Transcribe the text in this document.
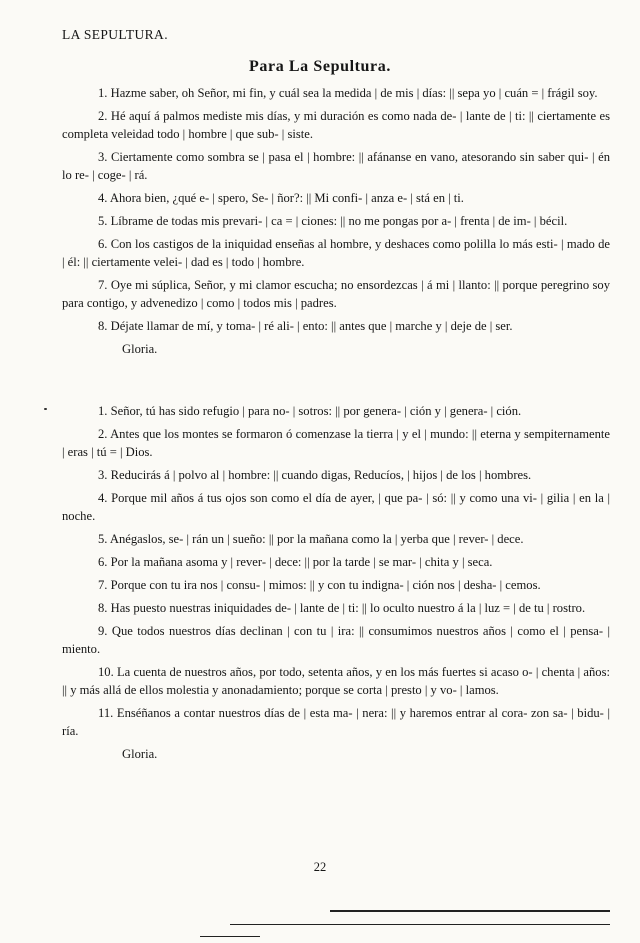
LA SEPULTURA.
Para La Sepultura.

1. Hazme saber, oh Señor, mi fin, y cuál sea la medida | de mis | días: || sepa yo | cuán = | frágil soy.

2. Hé aquí á palmos mediste mis días, y mi duración es como nada de- | lante de | ti: || ciertamente es completa veleidad todo | hombre | que sub- | siste.

3. Ciertamente como sombra se | pasa el | hombre: || afánanse en vano, atesorando sin saber qui- | én lo re- | coge- | rá.

4. Ahora bien, ¿qué e- | spero, Se- | ñor?: || Mi confi- | anza e- | stá en | ti.

5. Líbrame de todas mis prevari- | ca = | ciones: || no me pongas por a- | frenta | de im- | bécil.

6. Con los castigos de la iniquidad enseñas al hombre, y deshaces como polilla lo más esti- | mado de | él: || ciertamente velei- | dad es | todo | hombre.

7. Oye mi súplica, Señor, y mi clamor escucha; no ensordezcas | á mi | llanto: || porque peregrino soy para contigo, y advenedizo | como | todos mis | padres.

8. Déjate llamar de mí, y toma- | ré ali- | ento: || antes que | marche y | deje de | ser.

Gloria.

1. Señor, tú has sido refugio | para no- | sotros: || por genera- | ción y | genera- | ción.

2. Antes que los montes se formaron ó comenzase la tierra | y el | mundo: || eterna y sempiternamente | eras | tú = | Dios.

3. Reducirás á | polvo al | hombre: || cuando digas, Reducíos, | hijos | de los | hombres.

4. Porque mil años á tus ojos son como el día de ayer, | que pa- | só: || y como una vi- | gilia | en la | noche.

5. Anégaslos, se- | rán un | sueño: || por la mañana como la | yerba que | rever- | dece.

6. Por la mañana asoma y | rever- | dece: || por la tarde | se mar- | chita y | seca.

7. Porque con tu ira nos | consu- | mimos: || y con tu indigna- | ción nos | desha- | cemos.

8. Has puesto nuestras iniquidades de- | lante de | ti: || lo oculto nuestro á la | luz = | de tu | rostro.

9. Que todos nuestros días declinan | con tu | ira: || consumimos nuestros años | como el | pensa- | miento.

10. La cuenta de nuestros años, por todo, setenta años, y en los más fuertes si acaso o- | chenta | años: || y más allá de ellos molestia y anonadamiento; porque se corta | presto | y vo- | lamos.

11. Enséñanos a contar nuestros días de | esta ma- | nera: || y haremos entrar al cora- zon sa- | bidu- | ría.

Gloria.

22
